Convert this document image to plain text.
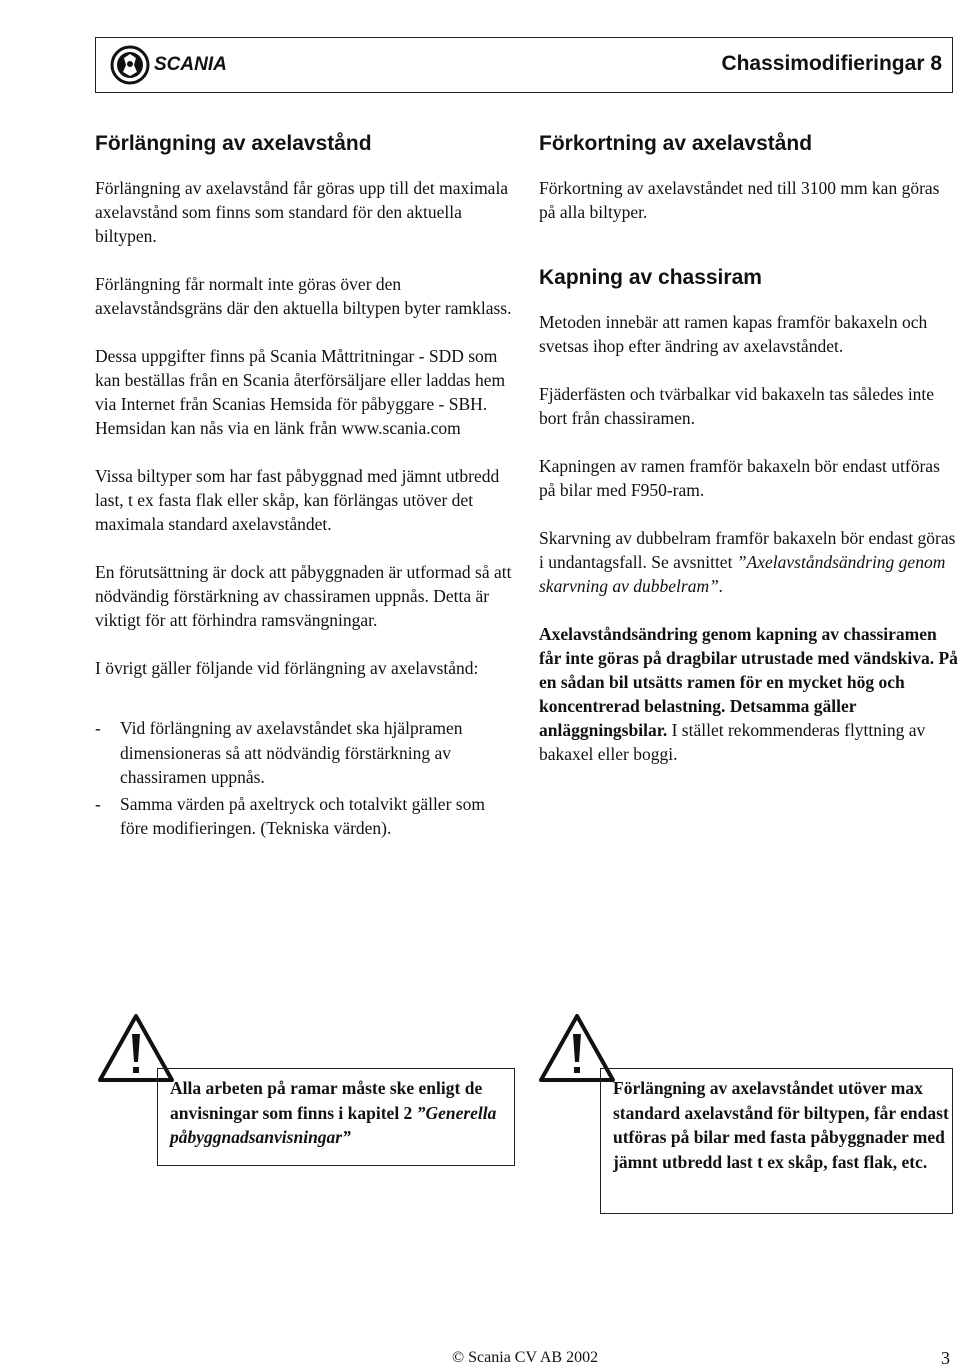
SCANIA	Chassimodifieringar 8
Förlängning av axelavstånd

Förlängning av axelavstånd får göras upp till det maximala axelavstånd som finns som standard för den aktuella biltypen.

Förlängning får normalt inte göras över den axelavståndsgräns där den aktuella biltypen byter ramklass.

Dessa uppgifter finns på Scania Måttritningar - SDD som kan beställas från en Scania återförsäljare eller laddas hem via Internet från Scanias Hemsida för påbyggare - SBH. Hemsidan kan nås via en länk från www.scania.com

Vissa biltyper som har fast påbyggnad med jämnt utbredd last, t ex fasta flak eller skåp, kan förlängas utöver det maximala standard axelavståndet.

En förutsättning är dock att påbyggnaden är utformad så att nödvändig förstärkning av chassiramen uppnås. Detta är viktigt för att förhindra ramsvängningar.

I övrigt gäller följande vid förlängning av axelavstånd:

- Vid förlängning av axelavståndet ska hjälpramen dimensioneras så att nödvändig förstärkning av chassiramen uppnås.
- Samma värden på axeltryck och totalvikt gäller som före modifieringen. (Tekniska värden).
Förkortning av axelavstånd

Förkortning av axelavståndet ned till 3100 mm kan göras på alla biltyper.

Kapning av chassiram

Metoden innebär att ramen kapas framför bakaxeln och svetsas ihop efter ändring av axelavståndet.

Fjäderfästen och tvärbalkar vid bakaxeln tas således inte bort från chassiramen.

Kapningen av ramen framför bakaxeln bör endast utföras på bilar med F950-ram.

Skarvning av dubbelram framför bakaxeln bör endast göras i undantagsfall. Se avsnittet ”Axelavståndsändring genom skarvning av dubbelram”.

Axelavståndsändring genom kapning av chassiramen får inte göras på dragbilar utrustade med vändskiva. På en sådan bil utsätts ramen för en mycket hög och koncentrerad belastning. Detsamma gäller anläggningsbilar. I stället rekommenderas flyttning av bakaxel eller boggi.

Alla arbeten på ramar måste ske enligt de anvisningar som finns i kapitel 2 ”Generella påbyggnadsanvisningar”
Förlängning av axelavståndet utöver max standard axelavstånd för biltypen, får endast utföras på bilar med fasta påbyggnader med jämnt utbredd last t ex skåp, fast flak, etc.
© Scania CV AB 2002	3
